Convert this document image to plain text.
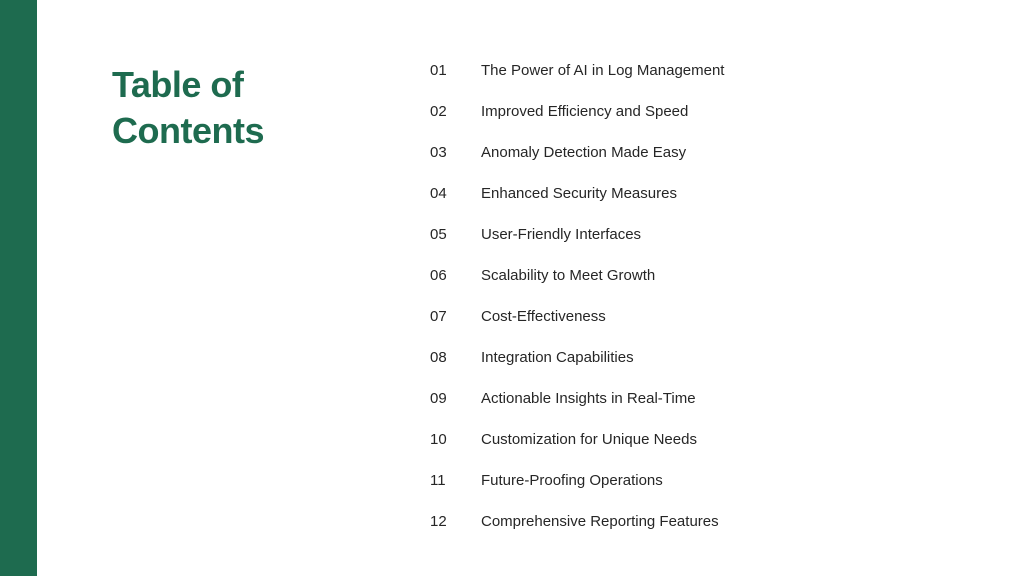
Table of
Contents
01	The Power of AI in Log Management
02	Improved Efficiency and Speed
03	Anomaly Detection Made Easy
04	Enhanced Security Measures
05	User-Friendly Interfaces
06	Scalability to Meet Growth
07	Cost-Effectiveness
08	Integration Capabilities
09	Actionable Insights in Real-Time
10	Customization for Unique Needs
11	Future-Proofing Operations
12	Comprehensive Reporting Features
